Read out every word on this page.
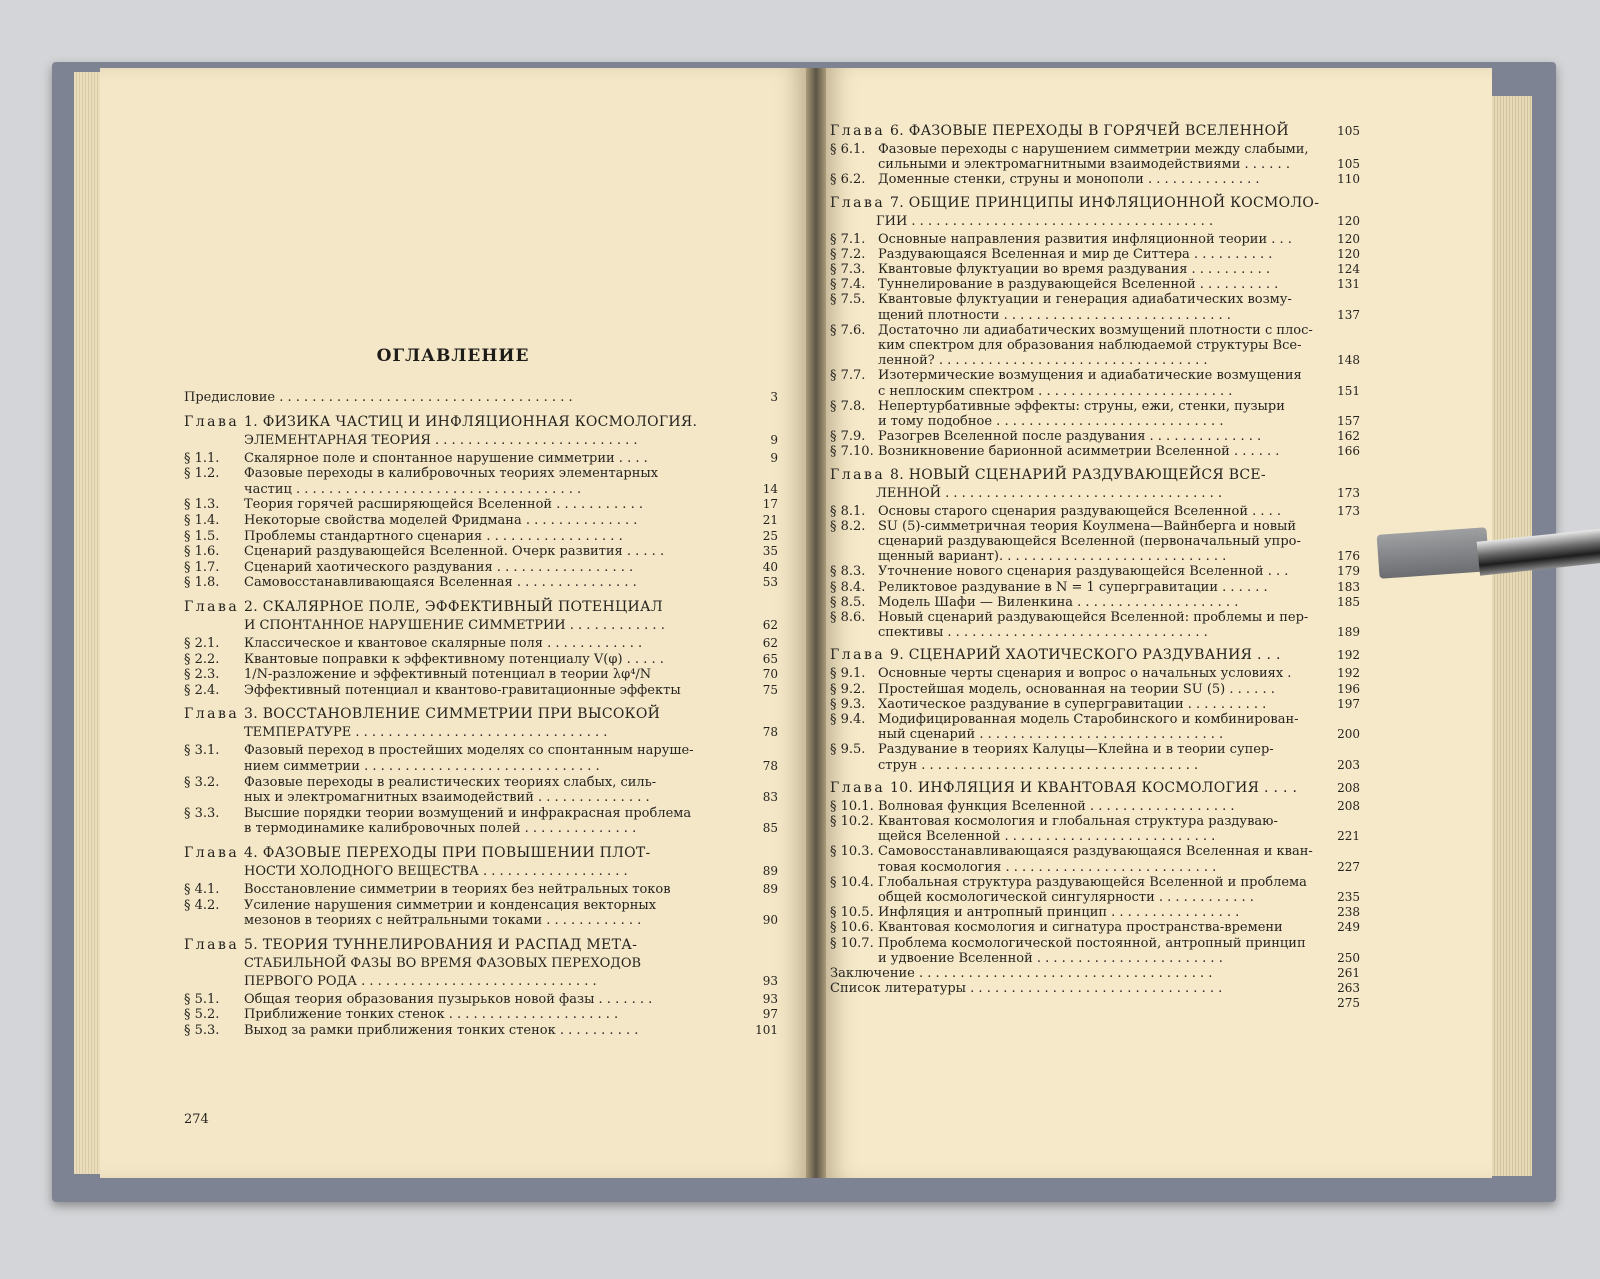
ОГЛАВЛЕНИЕ
Предисловие . . . . . . . . . . . . . . . . . . . . . . . . . . . . . . . . . . . .	3
Глава 1. ФИЗИКА ЧАСТИЦ И ИНФЛЯЦИОННАЯ КОСМОЛОГИЯ.
ЭЛЕМЕНТАРНАЯ ТЕОРИЯ . . . . . . . . . . . . . . . . . . . . . . . . .	9
§ 1.1. Скалярное поле и спонтанное нарушение симметрии . . . .	9
§ 1.2. Фазовые переходы в калибровочных теориях элементарных
частиц . . . . . . . . . . . . . . . . . . . . . . . . . . . . . . . . . . .	14
§ 1.3. Теория горячей расширяющейся Вселенной . . . . . . . . . . .	17
§ 1.4. Некоторые свойства моделей Фридмана . . . . . . . . . . . . . .	21
§ 1.5. Проблемы стандартного сценария . . . . . . . . . . . . . . . . .	25
§ 1.6. Сценарий раздувающейся Вселенной. Очерк развития . . . . .	35
§ 1.7. Сценарий хаотического раздувания . . . . . . . . . . . . . . . . .	40
§ 1.8. Самовосстанавливающаяся Вселенная . . . . . . . . . . . . . . .	53
Глава 2. СКАЛЯРНОЕ ПОЛЕ, ЭФФЕКТИВНЫЙ ПОТЕНЦИАЛ
И СПОНТАННОЕ НАРУШЕНИЕ СИММЕТРИИ . . . . . . . . . . . .	62
§ 2.1. Классическое и квантовое скалярные поля . . . . . . . . . . . .	62
§ 2.2. Квантовые поправки к эффективному потенциалу V(φ) . . . . .	65
§ 2.3. 1/N-разложение и эффективный потенциал в теории λφ⁴/N	70
§ 2.4. Эффективный потенциал и квантово-гравитационные эффекты	75
Глава 3. ВОССТАНОВЛЕНИЕ СИММЕТРИИ ПРИ ВЫСОКОЙ
ТЕМПЕРАТУРЕ . . . . . . . . . . . . . . . . . . . . . . . . . . . . . . .	78
§ 3.1. Фазовый переход в простейших моделях со спонтанным наруше-
нием симметрии . . . . . . . . . . . . . . . . . . . . . . . . . . . . .	78
§ 3.2. Фазовые переходы в реалистических теориях слабых, силь-
ных и электромагнитных взаимодействий . . . . . . . . . . . . . .	83
§ 3.3. Высшие порядки теории возмущений и инфракрасная проблема
в термодинамике калибровочных полей . . . . . . . . . . . . . .	85
Глава 4. ФАЗОВЫЕ ПЕРЕХОДЫ ПРИ ПОВЫШЕНИИ ПЛОТ-
НОСТИ ХОЛОДНОГО ВЕЩЕСТВА . . . . . . . . . . . . . . . . . .	89
§ 4.1. Восстановление симметрии в теориях без нейтральных токов	89
§ 4.2. Усиление нарушения симметрии и конденсация векторных
мезонов в теориях с нейтральными токами . . . . . . . . . . . .	90
Глава 5. ТЕОРИЯ ТУННЕЛИРОВАНИЯ И РАСПАД МЕТА-
СТАБИЛЬНОЙ ФАЗЫ ВО ВРЕМЯ ФАЗОВЫХ ПЕРЕХОДОВ
ПЕРВОГО РОДА . . . . . . . . . . . . . . . . . . . . . . . . . . . . .	93
§ 5.1. Общая теория образования пузырьков новой фазы . . . . . . .	93
§ 5.2. Приближение тонких стенок . . . . . . . . . . . . . . . . . . . . .	97
§ 5.3. Выход за рамки приближения тонких стенок . . . . . . . . . .	101
274
Глава 6. ФАЗОВЫЕ ПЕРЕХОДЫ В ГОРЯЧЕЙ ВСЕЛЕННОЙ	105
§ 6.1. Фазовые переходы с нарушением симметрии между слабыми,
сильными и электромагнитными взаимодействиями . . . . . .	105
§ 6.2. Доменные стенки, струны и монополи . . . . . . . . . . . . . .	110
Глава 7. ОБЩИЕ ПРИНЦИПЫ ИНФЛЯЦИОННОЙ КОСМОЛО-
ГИИ . . . . . . . . . . . . . . . . . . . . . . . . . . . . . . . . . . . . .	120
§ 7.1. Основные направления развития инфляционной теории . . .	120
§ 7.2. Раздувающаяся Вселенная и мир де Ситтера . . . . . . . . . .	120
§ 7.3. Квантовые флуктуации во время раздувания . . . . . . . . . .	124
§ 7.4. Туннелирование в раздувающейся Вселенной . . . . . . . . . .	131
§ 7.5. Квантовые флуктуации и генерация адиабатических возму-
щений плотности . . . . . . . . . . . . . . . . . . . . . . . . . . . .	137
§ 7.6. Достаточно ли адиабатических возмущений плотности с плос-
ким спектром для образования наблюдаемой структуры Все-
ленной? . . . . . . . . . . . . . . . . . . . . . . . . . . . . . . . . .	148
§ 7.7. Изотермические возмущения и адиабатические возмущения
с неплоским спектром . . . . . . . . . . . . . . . . . . . . . . . .	151
§ 7.8. Непертурбативные эффекты: струны, ежи, стенки, пузыри
и тому подобное . . . . . . . . . . . . . . . . . . . . . . . . . . . .	157
§ 7.9. Разогрев Вселенной после раздувания . . . . . . . . . . . . . .	162
§ 7.10. Возникновение барионной асимметрии Вселенной . . . . . .	166
Глава 8. НОВЫЙ СЦЕНАРИЙ РАЗДУВАЮЩЕЙСЯ ВСЕ-
ЛЕННОЙ . . . . . . . . . . . . . . . . . . . . . . . . . . . . . . . . . .	173
§ 8.1. Основы старого сценария раздувающейся Вселенной . . . .	173
§ 8.2. SU (5)-симметричная теория Коулмена—Вайнберга и новый
сценарий раздувающейся Вселенной (первоначальный упро-
щенный вариант). . . . . . . . . . . . . . . . . . . . . . . . . . . .	176
§ 8.3. Уточнение нового сценария раздувающейся Вселенной . . .	179
§ 8.4. Реликтовое раздувание в N = 1 супергравитации . . . . . .	183
§ 8.5. Модель Шафи — Виленкина . . . . . . . . . . . . . . . . . . . .	185
§ 8.6. Новый сценарий раздувающейся Вселенной: проблемы и пер-
спективы . . . . . . . . . . . . . . . . . . . . . . . . . . . . . . . .	189
Глава 9. СЦЕНАРИЙ ХАОТИЧЕСКОГО РАЗДУВАНИЯ . . .	192
§ 9.1. Основные черты сценария и вопрос о начальных условиях .	192
§ 9.2. Простейшая модель, основанная на теории SU (5) . . . . . .	196
§ 9.3. Хаотическое раздувание в супергравитации . . . . . . . . . .	197
§ 9.4. Модифицированная модель Старобинского и комбинирован-
ный сценарий . . . . . . . . . . . . . . . . . . . . . . . . . . . . . .	200
§ 9.5. Раздувание в теориях Калуцы—Клейна и в теории супер-
струн . . . . . . . . . . . . . . . . . . . . . . . . . . . . . . . . . .	203
Глава 10. ИНФЛЯЦИЯ И КВАНТОВАЯ КОСМОЛОГИЯ . . . .	208
§ 10.1. Волновая функция Вселенной . . . . . . . . . . . . . . . . . .	208
§ 10.2. Квантовая космология и глобальная структура раздуваю-
щейся Вселенной . . . . . . . . . . . . . . . . . . . . . . . . . .	221
§ 10.3. Самовосстанавливающаяся раздувающаяся Вселенная и кван-
товая космология . . . . . . . . . . . . . . . . . . . . . . . . . .	227
§ 10.4. Глобальная структура раздувающейся Вселенной и проблема
общей космологической сингулярности . . . . . . . . . . . .	235
§ 10.5. Инфляция и антропный принцип . . . . . . . . . . . . . . . .	238
§ 10.6. Квантовая космология и сигнатура пространства-времени	249
§ 10.7. Проблема космологической постоянной, антропный принцип
и удвоение Вселенной . . . . . . . . . . . . . . . . . . . . . . .	250
Заключение . . . . . . . . . . . . . . . . . . . . . . . . . . . . . . . . . . . .	261
Список литературы . . . . . . . . . . . . . . . . . . . . . . . . . . . . . . .	263
275
